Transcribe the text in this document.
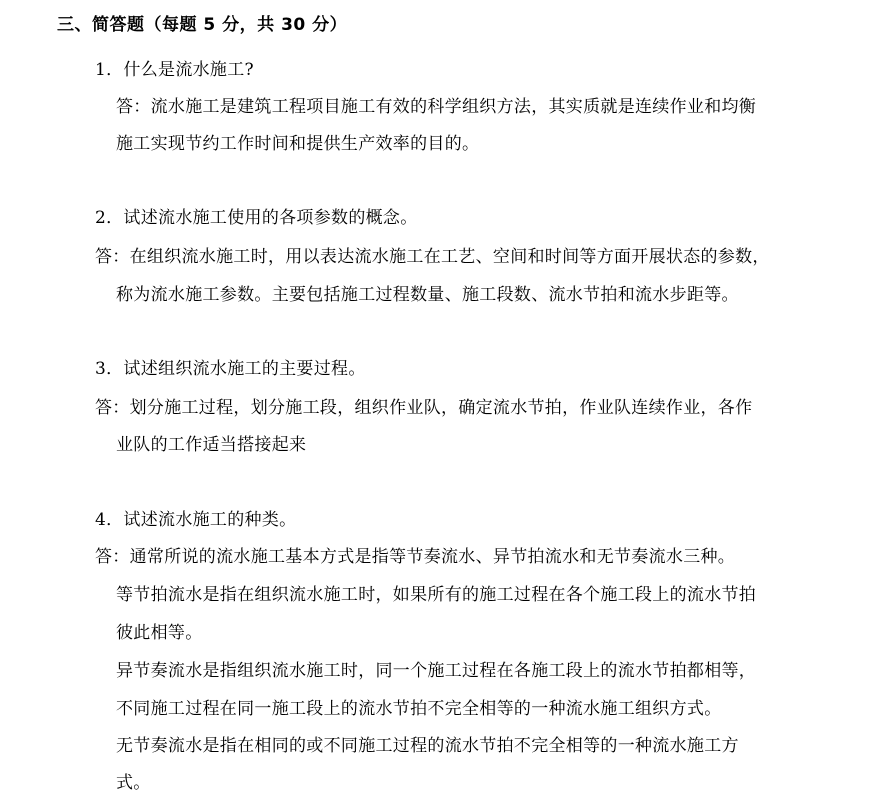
三、简答题（每题 5 分，共 30 分）
1．什么是流水施工?
答：流水施工是建筑工程项目施工有效的科学组织方法，其实质就是连续作业和均衡
施工实现节约工作时间和提供生产效率的目的。
2．试述流水施工使用的各项参数的概念。
答：在组织流水施工时，用以表达流水施工在工艺、空间和时间等方面开展状态的参数，
称为流水施工参数。主要包括施工过程数量、施工段数、流水节拍和流水步距等。
3．试述组织流水施工的主要过程。
答：划分施工过程，划分施工段，组织作业队，确定流水节拍，作业队连续作业，各作
业队的工作适当搭接起来
4．试述流水施工的种类。
答：通常所说的流水施工基本方式是指等节奏流水、异节拍流水和无节奏流水三种。
等节拍流水是指在组织流水施工时，如果所有的施工过程在各个施工段上的流水节拍
彼此相等。
异节奏流水是指组织流水施工时，同一个施工过程在各施工段上的流水节拍都相等，
不同施工过程在同一施工段上的流水节拍不完全相等的一种流水施工组织方式。
无节奏流水是指在相同的或不同施工过程的流水节拍不完全相等的一种流水施工方
式。
